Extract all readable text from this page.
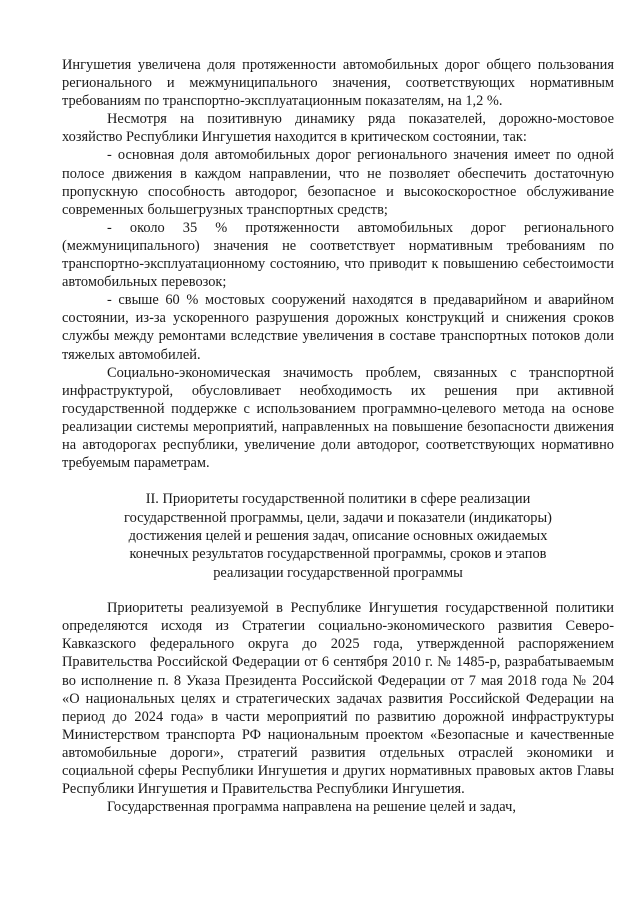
Ингушетия увеличена доля протяженности автомобильных дорог общего пользования регионального и межмуниципального значения, соответствующих нормативным требованиям по транспортно-эксплуатационным показателям, на 1,2 %.

Несмотря на позитивную динамику ряда показателей, дорожно-мостовое хозяйство Республики Ингушетия находится в критическом состоянии, так:

- основная доля автомобильных дорог регионального значения имеет по одной полосе движения в каждом направлении, что не позволяет обеспечить достаточную пропускную способность автодорог, безопасное и высокоскоростное обслуживание современных большегрузных транспортных средств;

- около 35 % протяженности автомобильных дорог регионального (межмуниципального) значения не соответствует нормативным требованиям по транспортно-эксплуатационному состоянию, что приводит к повышению себестоимости автомобильных перевозок;

- свыше 60 % мостовых сооружений находятся в предаварийном и аварийном состоянии, из-за ускоренного разрушения дорожных конструкций и снижения сроков службы между ремонтами вследствие увеличения в составе транспортных потоков доли тяжелых автомобилей.

Социально-экономическая значимость проблем, связанных с транспортной инфраструктурой, обусловливает необходимость их решения при активной государственной поддержке с использованием программно-целевого метода на основе реализации системы мероприятий, направленных на повышение безопасности движения на автодорогах республики, увеличение доли автодорог, соответствующих нормативно требуемым параметрам.

II. Приоритеты государственной политики в сфере реализации государственной программы, цели, задачи и показатели (индикаторы) достижения целей и решения задач, описание основных ожидаемых конечных результатов государственной программы, сроков и этапов реализации государственной программы

Приоритеты реализуемой в Республике Ингушетия государственной политики определяются исходя из Стратегии социально-экономического развития Северо-Кавказского федерального округа до 2025 года, утвержденной распоряжением Правительства Российской Федерации от 6 сентября 2010 г. № 1485-р, разрабатываемым во исполнение п. 8 Указа Президента Российской Федерации от 7 мая 2018 года № 204 «О национальных целях и стратегических задачах развития Российской Федерации на период до 2024 года» в части мероприятий по развитию дорожной инфраструктуры Министерством транспорта РФ национальным проектом «Безопасные и качественные автомобильные дороги», стратегий развития отдельных отраслей экономики и социальной сферы Республики Ингушетия и других нормативных правовых актов Главы Республики Ингушетия и Правительства Республики Ингушетия.

Государственная программа направлена на решение целей и задач,
